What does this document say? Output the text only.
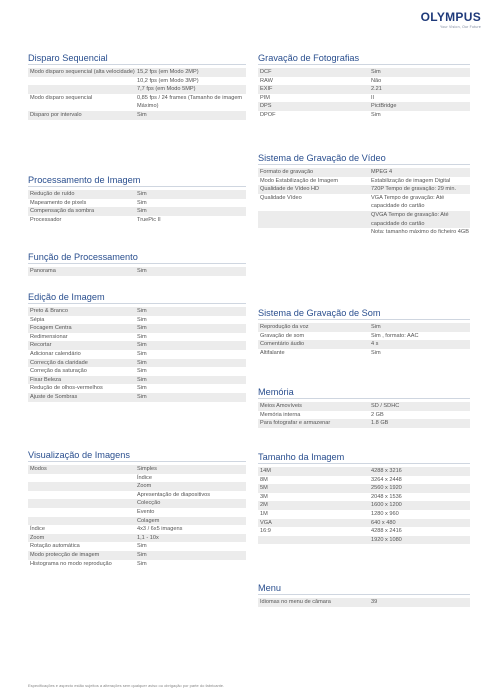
OLYMPUS
Your Vision, Our Future
Disparo Sequencial
Modo disparo sequencial (alta velocidade) 15,2 fps (em Modo 2MP)
10,2 fps (em Modo 3MP)
7,7 fps (em Modo 5MP)
Modo disparo sequencial	0,85 fps / 24 frames (Tamanho de imagem Máximo)
Disparo por intervalo	Sim
Processamento de Imagem
Redução de ruído	Sim
Mapeamento de pixels	Sim
Compensação da sombra	Sim
Processador	TruePic II
Função de Processamento
Panorama	Sim
Edição de Imagem
Preto & Branco	Sim
Sépia	Sim
Focagem Centra	Sim
Redimensionar	Sim
Recortar	Sim
Adicionar calendário	Sim
Correcção da claridade	Sim
Correção da saturação	Sim
Fixar Beleza	Sim
Redução de olhos-vermelhos	Sim
Ajuste de Sombras	Sim
Visualização de Imagens
Modos	Simples
Índice
Zoom
Apresentação de diapositivos
Colecção
Evento
Colagem
Índice	4x3 / 6x5 imagens
Zoom	1,1 - 10x
Rotação automática	Sim
Modo protecção de imagem	Sim
Histograma no modo reprodução	Sim
Gravação de Fotografias
DCF	Sim
RAW	Não
EXIF	2.21
PIM	II
DPS	PictBridge
DPOF	Sim
Sistema de Gravação de Vídeo
Formato de gravação	MPEG 4
Modo Estabilização de Imagem	Estabilização de imagem Digital
Qualidade de Vídeo HD	720P Tempo de gravação: 29 min.
Qualidade Vídeo	VGA Tempo de gravação: Até capacidade do cartão
QVGA Tempo de gravação: Até capacidade do cartão
Nota: tamanho máximo do ficheiro 4GB
Sistema de Gravação de Som
Reprodução da voz	Sim
Gravação de som	Sim , formato: AAC
Comentário áudio	4 s
Altifalante	Sim
Memória
Meios Amovíveis	SD / SDHC
Memória interna	2 GB
Para fotografar e armazenar	1.8 GB
Tamanho da Imagem
14M	4288 x 3216
8M	3264 x 2448
5M	2560 x 1920
3M	2048 x 1536
2M	1600 x 1200
1M	1280 x 960
VGA	640 x 480
16:9	4288 x 2416
1920 x 1080
Menu
Idiomas no menu de câmara	39
Especificações e aspecto estão sujeitos a alterações sem qualquer aviso ou obrigação por parte do fabricante.
